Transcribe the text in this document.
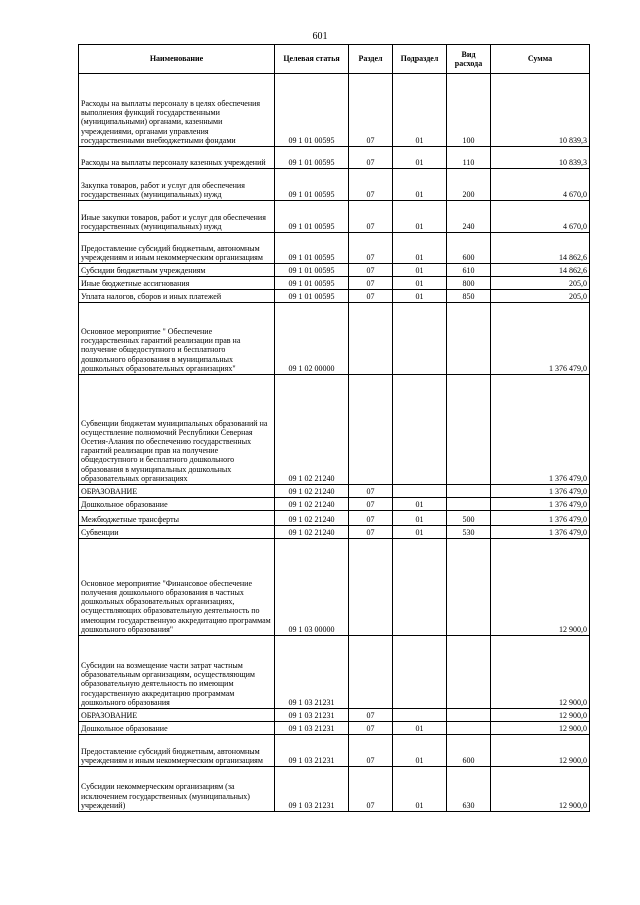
601
Наименование	Целевая статья	Раздел	Подраздел	Вид расхода	Сумма
Расходы на выплаты персоналу в целях обеспечения выполнения функций государственными (муниципальными) органами, казенными учреждениями, органами управления государственными внебюджетными фондами	09 1 01 00595	07	01	100	10 839,3
Расходы на выплаты персоналу казенных учреждений	09 1 01 00595	07	01	110	10 839,3
Закупка товаров, работ и услуг для обеспечения государственных (муниципальных) нужд	09 1 01 00595	07	01	200	4 670,0
Иные закупки товаров, работ и услуг для обеспечения государственных (муниципальных) нужд	09 1 01 00595	07	01	240	4 670,0
Предоставление субсидий бюджетным, автономным учреждениям и иным некоммерческим организациям	09 1 01 00595	07	01	600	14 862,6
Субсидии бюджетным учреждениям	09 1 01 00595	07	01	610	14 862,6
Иные бюджетные ассигнования	09 1 01 00595	07	01	800	205,0
Уплата налогов, сборов и иных платежей	09 1 01 00595	07	01	850	205,0
Основное мероприятие " Обеспечение государственных гарантий реализации прав на получение общедоступного и бесплатного дошкольного образования в муниципальных дошкольных образовательных организациях"	09 1 02 00000				1 376 479,0
Субвенции бюджетам муниципальных образований на осуществление полномочий Республики Северная Осетия-Алания по обеспечению государственных гарантий реализации прав на получение общедоступного и бесплатного дошкольного образования в муниципальных дошкольных образовательных организациях	09 1 02 21240				1 376 479,0
ОБРАЗОВАНИЕ	09 1 02 21240	07			1 376 479,0
Дошкольное образование	09 1 02 21240	07	01		1 376 479,0
Межбюджетные трансферты	09 1 02 21240	07	01	500	1 376 479,0
Субвенции	09 1 02 21240	07	01	530	1 376 479,0
Основное мероприятие "Финансовое обеспечение получения дошкольного образования в частных дошкольных образовательных организациях, осуществляющих образовательную деятельность по имеющим государственную аккредитацию программам дошкольного образования"	09 1 03 00000				12 900,0
Субсидии на возмещение части затрат частным образовательным организациям, осуществляющим образовательную деятельность по имеющим государственную аккредитацию программам дошкольного образования	09 1 03 21231				12 900,0
ОБРАЗОВАНИЕ	09 1 03 21231	07			12 900,0
Дошкольное образование	09 1 03 21231	07	01		12 900,0
Предоставление субсидий бюджетным, автономным учреждениям и иным некоммерческим организациям	09 1 03 21231	07	01	600	12 900,0
Субсидии некоммерческим организациям (за исключением государственных (муниципальных) учреждений)	09 1 03 21231	07	01	630	12 900,0
